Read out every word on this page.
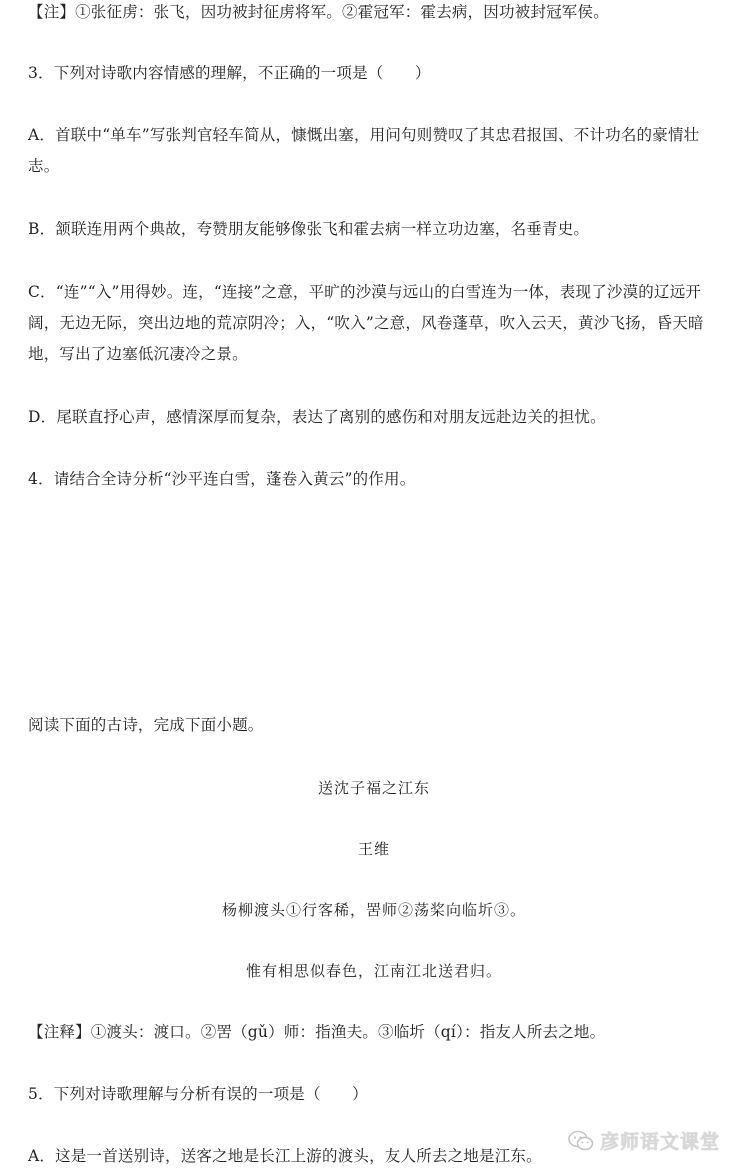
【注】①张征虏：张飞，因功被封征虏将军。②霍冠军：霍去病，因功被封冠军侯。
3．下列对诗歌内容情感的理解，不正确的一项是（　　）
A．首联中“单车”写张判官轻车简从，慷慨出塞，用问句则赞叹了其忠君报国、不计功名的豪情壮志。
B．颔联连用两个典故，夸赞朋友能够像张飞和霍去病一样立功边塞，名垂青史。
C．“连”“入”用得妙。连，“连接”之意，平旷的沙漠与远山的白雪连为一体，表现了沙漠的辽远开阔，无边无际，突出边地的荒凉阴冷；入，“吹入”之意，风卷蓬草，吹入云天，黄沙飞扬，昏天暗地，写出了边塞低沉凄冷之景。
D．尾联直抒心声，感情深厚而复杂，表达了离别的感伤和对朋友远赴边关的担忧。
4．请结合全诗分析“沙平连白雪，蓬卷入黄云”的作用。
阅读下面的古诗，完成下面小题。
送沈子福之江东
王维
杨柳渡头①行客稀，罟师②荡桨向临圻③。
惟有相思似春色，江南江北送君归。
【注释】①渡头：渡口。②罟（gǔ）师：指渔夫。③临圻（qí）：指友人所去之地。
5．下列对诗歌理解与分析有误的一项是（　　）
A．这是一首送别诗，送客之地是长江上游的渡头，友人所去之地是江东。
彦师语文课堂
